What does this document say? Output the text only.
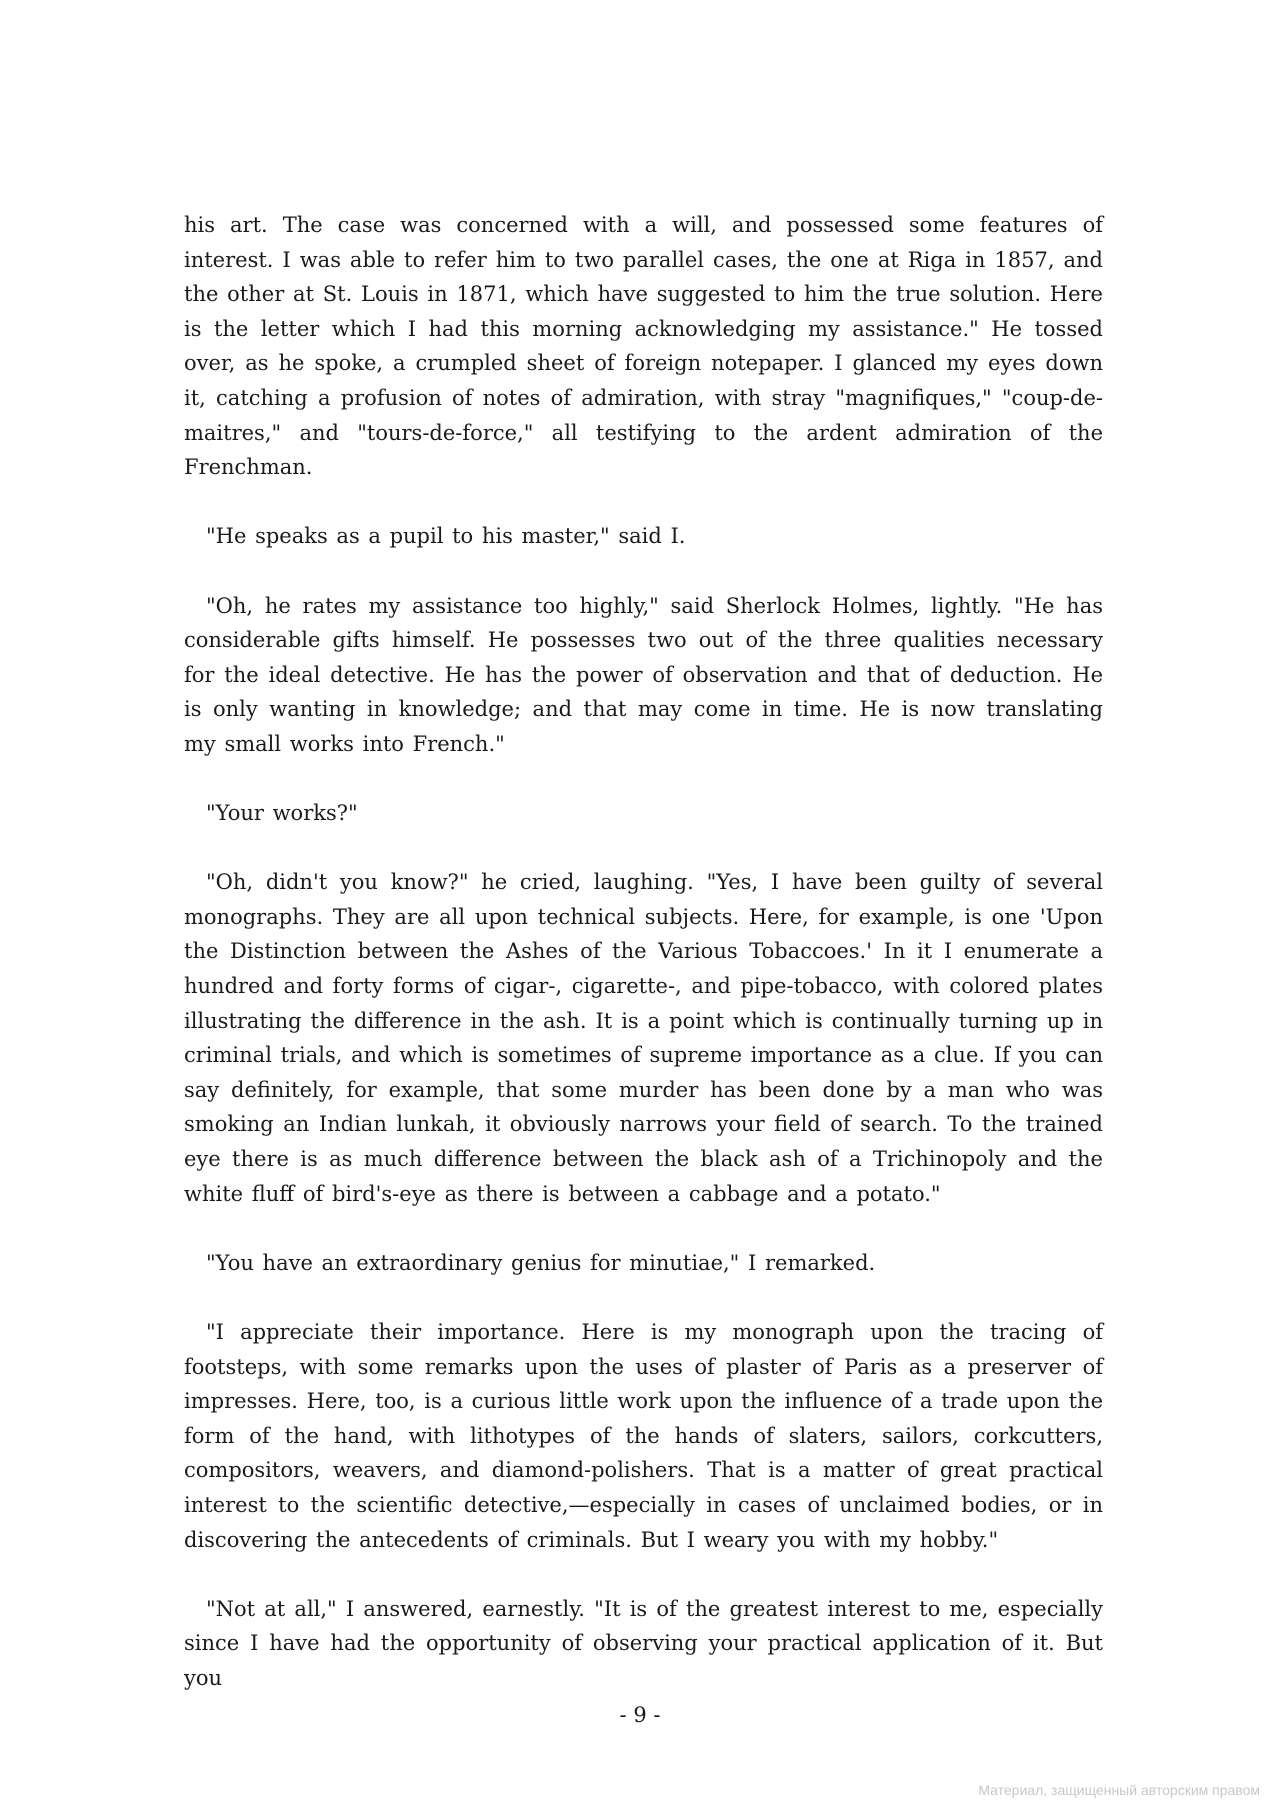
his art. The case was concerned with a will, and possessed some features of interest. I was able to refer him to two parallel cases, the one at Riga in 1857, and the other at St. Louis in 1871, which have suggested to him the true solution. Here is the letter which I had this morning acknowledging my assistance." He tossed over, as he spoke, a crumpled sheet of foreign notepaper. I glanced my eyes down it, catching a profusion of notes of admiration, with stray "magnifiques," "coup-de-maitres," and "tours-de-force," all testifying to the ardent admiration of the Frenchman.

"He speaks as a pupil to his master," said I.

"Oh, he rates my assistance too highly," said Sherlock Holmes, lightly. "He has considerable gifts himself. He possesses two out of the three qualities necessary for the ideal detective. He has the power of observation and that of deduction. He is only wanting in knowledge; and that may come in time. He is now translating my small works into French."

"Your works?"

"Oh, didn't you know?" he cried, laughing. "Yes, I have been guilty of several monographs. They are all upon technical subjects. Here, for example, is one 'Upon the Distinction between the Ashes of the Various Tobaccoes.' In it I enumerate a hundred and forty forms of cigar-, cigarette-, and pipe-tobacco, with colored plates illustrating the difference in the ash. It is a point which is continually turning up in criminal trials, and which is sometimes of supreme importance as a clue. If you can say definitely, for example, that some murder has been done by a man who was smoking an Indian lunkah, it obviously narrows your field of search. To the trained eye there is as much difference between the black ash of a Trichinopoly and the white fluff of bird's-eye as there is between a cabbage and a potato."

"You have an extraordinary genius for minutiae," I remarked.

"I appreciate their importance. Here is my monograph upon the tracing of footsteps, with some remarks upon the uses of plaster of Paris as a preserver of impresses. Here, too, is a curious little work upon the influence of a trade upon the form of the hand, with lithotypes of the hands of slaters, sailors, corkcutters, compositors, weavers, and diamond-polishers. That is a matter of great practical interest to the scientific detective,—especially in cases of unclaimed bodies, or in discovering the antecedents of criminals. But I weary you with my hobby."

"Not at all," I answered, earnestly. "It is of the greatest interest to me, especially since I have had the opportunity of observing your practical application of it. But you

- 9 -
Материал, защищенный авторским правом
